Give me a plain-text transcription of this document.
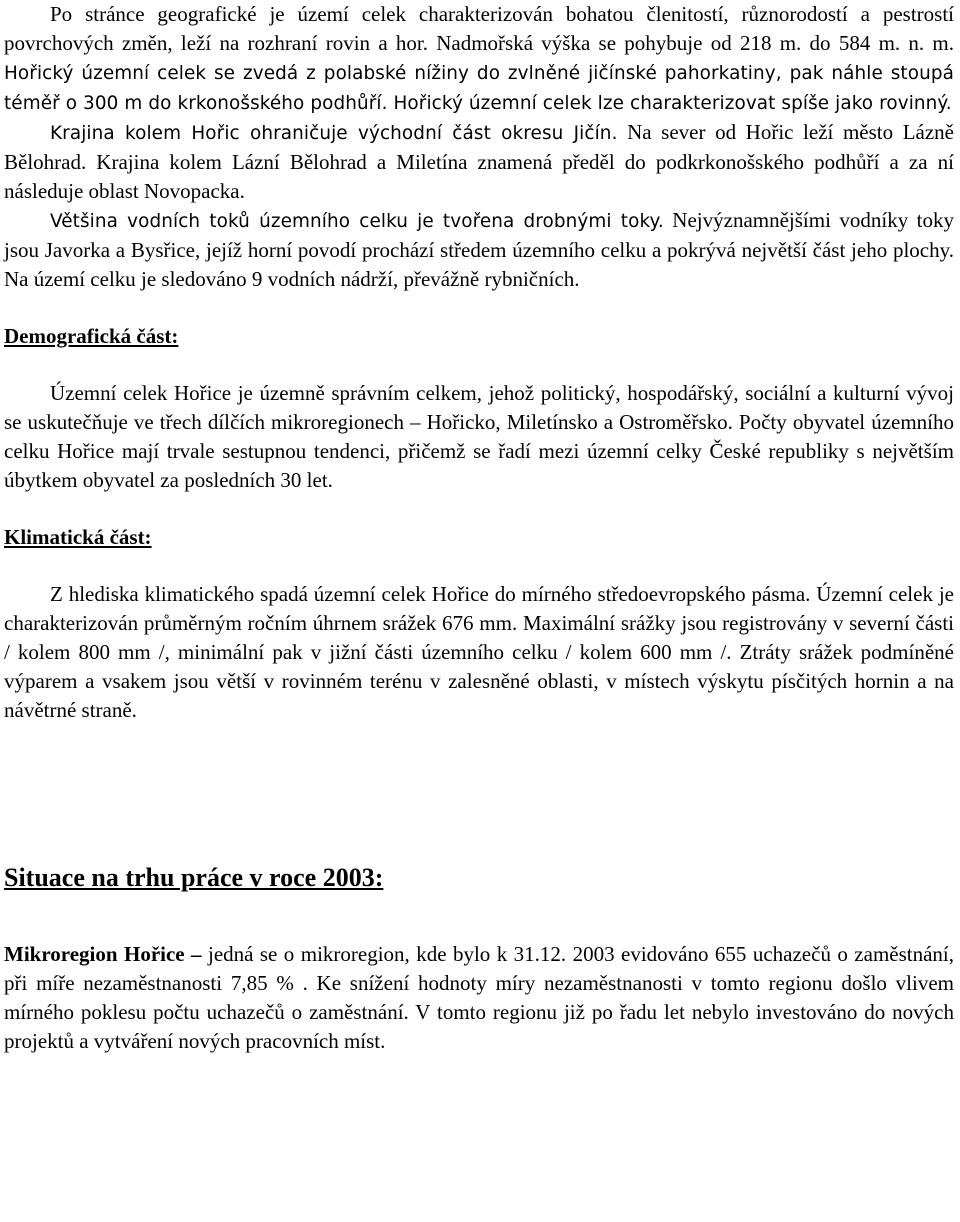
Po stránce geografické je území celek charakterizován bohatou členitostí, různorodostí a pestrostí povrchových změn, leží na rozhraní rovin a hor. Nadmořská výška se pohybuje od 218 m. do 584 m. n. m. Hořický územní celek se zvedá z polabské nížiny do zvlněné jičínské pahorkatiny, pak náhle stoupá téměř o 300 m do krkonošského podhůří. Hořický územní celek lze charakterizovat spíše jako rovinný.

Krajina kolem Hořic ohraničuje východní část okresu Jičín. Na sever od Hořic leží město Lázně Bělohrad. Krajina kolem Lázní Bělohrad a Miletína znamená předěl do podkrkonošského podhůří a za ní následuje oblast Novopacka.

Většina vodních toků územního celku je tvořena drobnými toky. Nejvýznamnějšími vodníky toky jsou Javorka a Bysřice, jejíž horní povodí prochází středem územního celku a pokrývá největší část jeho plochy. Na území celku je sledováno 9 vodních nádrží, převážně rybničních.

Demografická část:

Územní celek Hořice je územně správním celkem, jehož politický, hospodářský, sociální a kulturní vývoj se uskutečňuje ve třech dílčích mikroregionech – Hořicko, Miletínsko a Ostroměřsko. Počty obyvatel územního celku Hořice mají trvale sestupnou tendenci, přičemž se řadí mezi územní celky České republiky s největším úbytkem obyvatel za posledních 30 let.

Klimatická část:

Z hlediska klimatického spadá územní celek Hořice do mírného středoevropského pásma. Územní celek je charakterizován průměrným ročním úhrnem srážek 676 mm. Maximální srážky jsou registrovány v severní části / kolem 800 mm /, minimální pak v jižní části územního celku / kolem 600 mm /. Ztráty srážek podmíněné výparem a vsakem jsou větší v rovinném terénu v zalesněné oblasti, v místech výskytu písčitých hornin a na návětrné straně.

Situace na trhu práce v roce 2003:

Mikroregion Hořice – jedná se o mikroregion, kde bylo k 31.12. 2003 evidováno 655 uchazečů o zaměstnání, při míře nezaměstnanosti 7,85 % . Ke snížení hodnoty míry nezaměstnanosti v tomto regionu došlo vlivem mírného poklesu počtu uchazečů o zaměstnání. V tomto regionu již po řadu let nebylo investováno do nových projektů a vytváření nových pracovních míst.
